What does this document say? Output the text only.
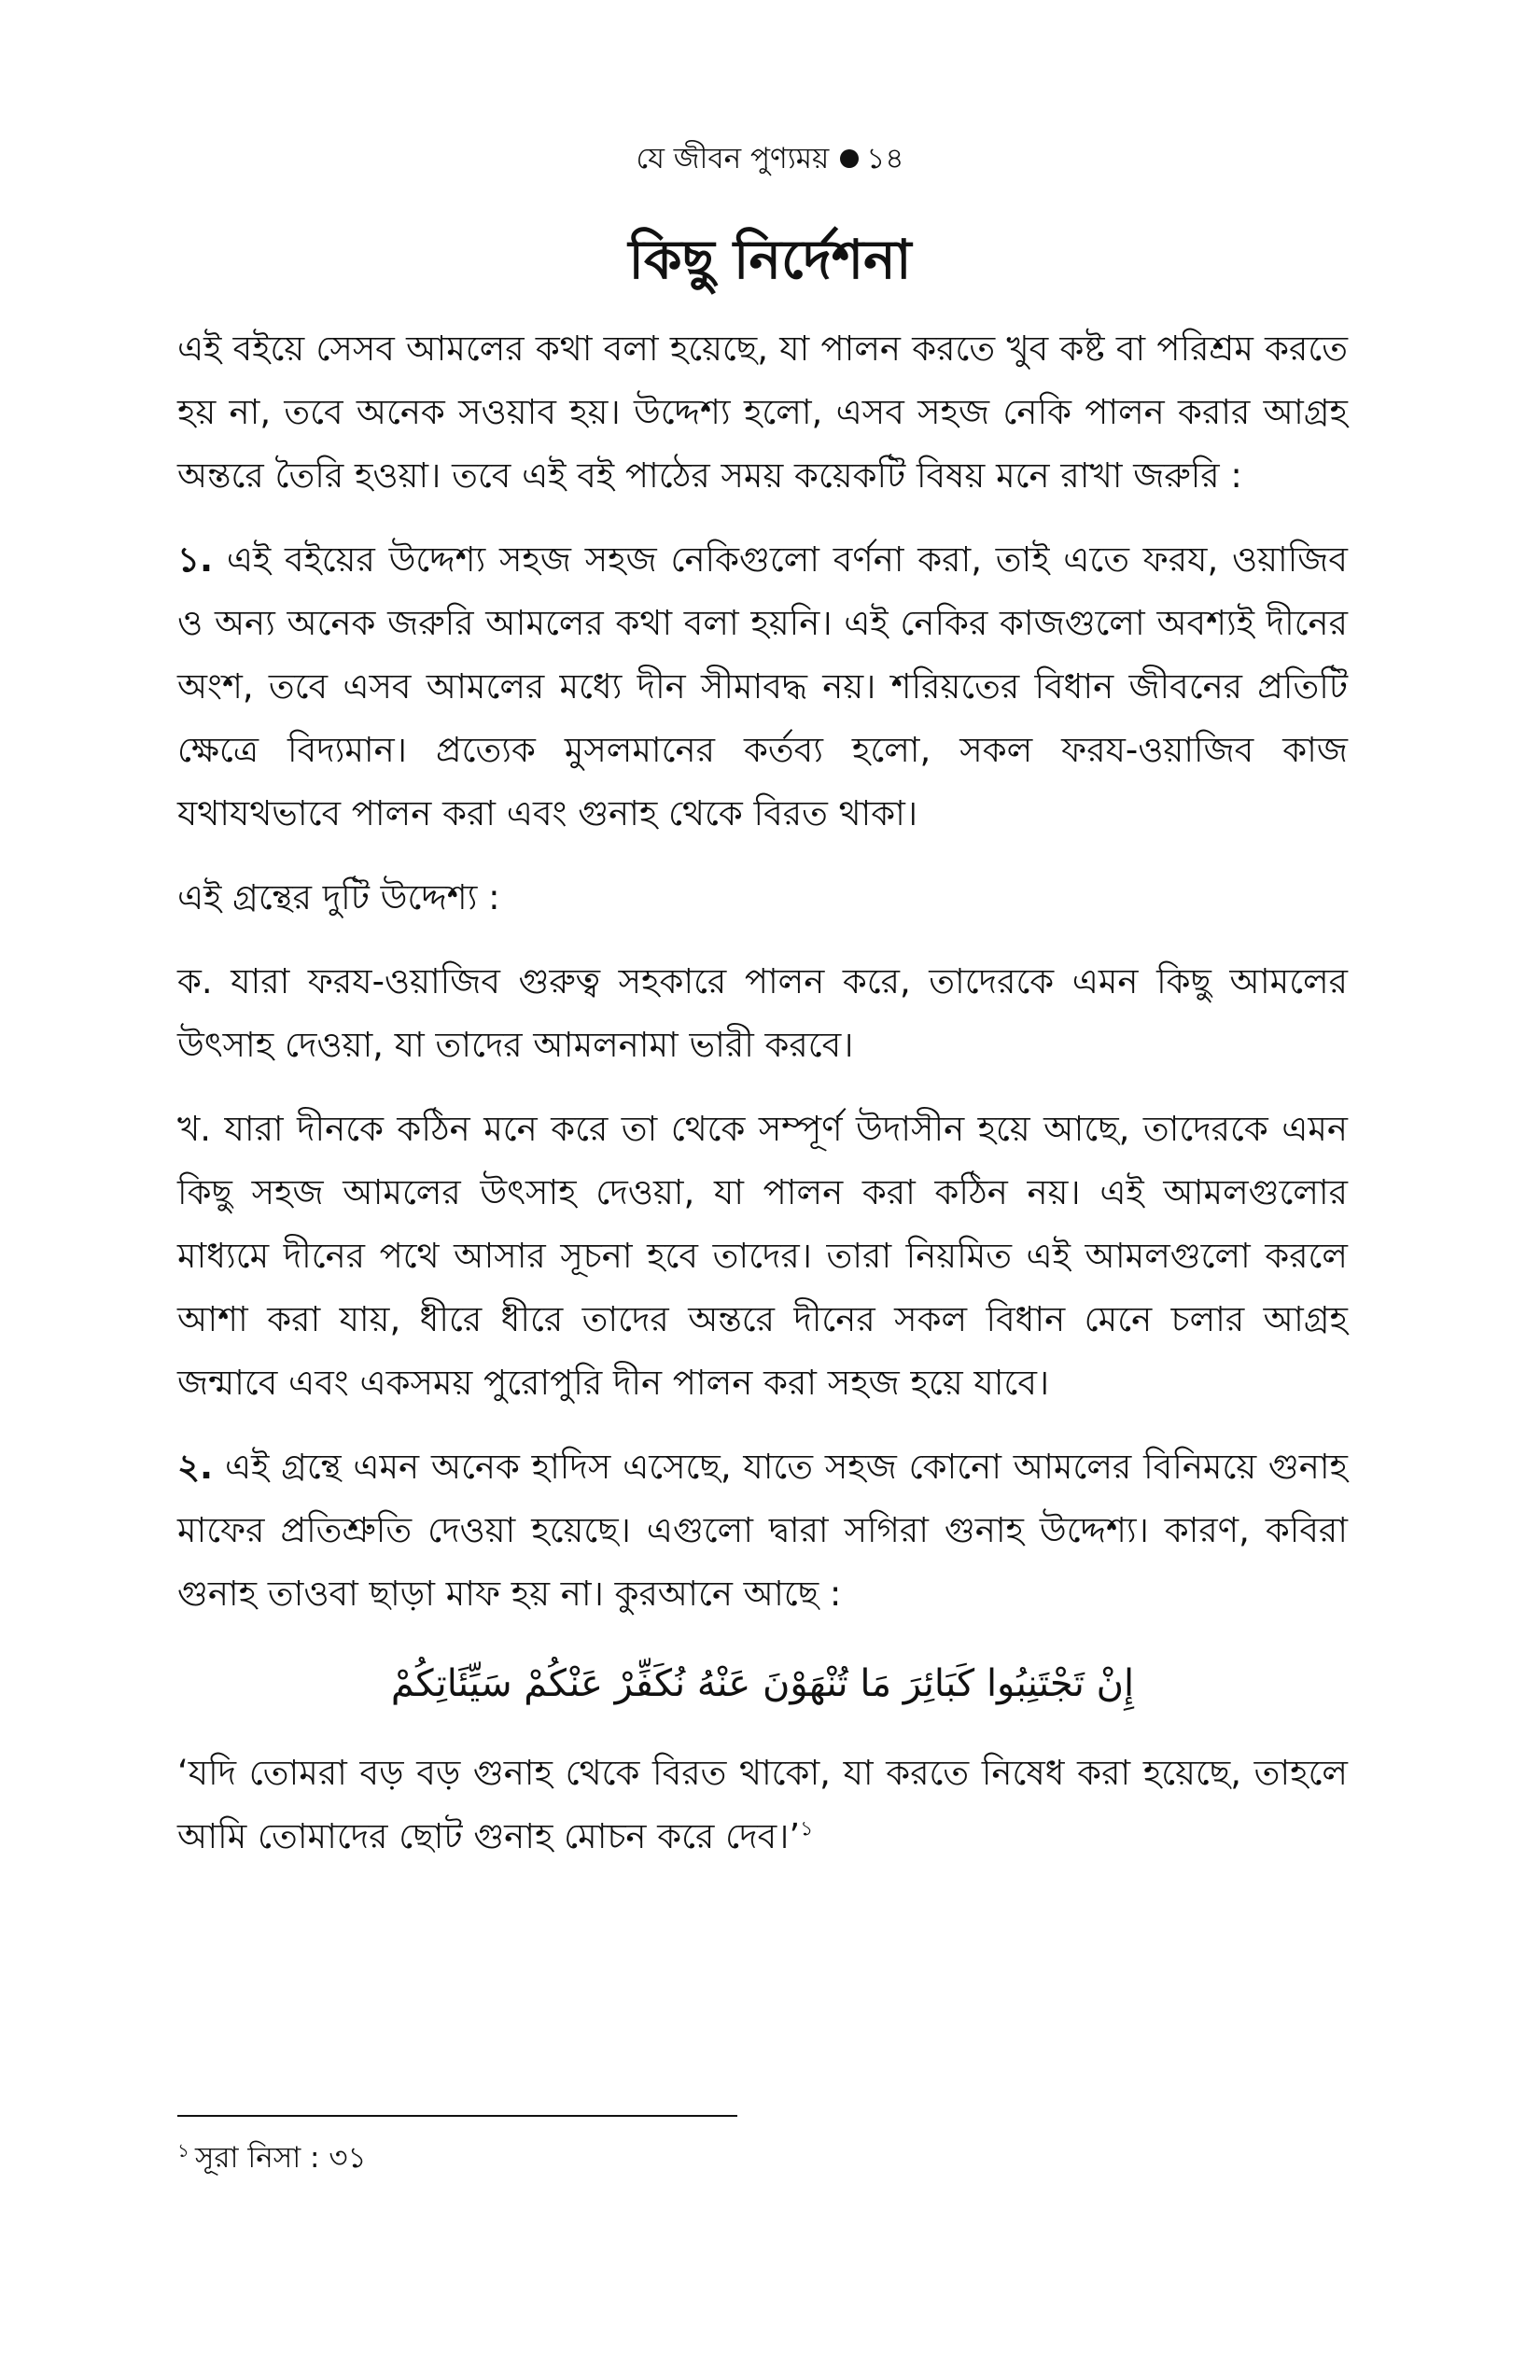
যে জীবন পুণ্যময় ১৪
কিছু নির্দেশনা

এই বইয়ে সেসব আমলের কথা বলা হয়েছে, যা পালন করতে খুব কষ্ট বা পরিশ্রম করতে হয় না, তবে অনেক সওয়াব হয়। উদ্দেশ্য হলো, এসব সহজ নেকি পালন করার আগ্রহ অন্তরে তৈরি হওয়া। তবে এই বই পাঠের সময় কয়েকটি বিষয় মনে রাখা জরুরি :

১. এই বইয়ের উদ্দেশ্য সহজ সহজ নেকিগুলো বর্ণনা করা, তাই এতে ফরয, ওয়াজিব ও অন্য অনেক জরুরি আমলের কথা বলা হয়নি। এই নেকির কাজগুলো অবশ্যই দীনের অংশ, তবে এসব আমলের মধ্যে দীন সীমাবদ্ধ নয়। শরিয়তের বিধান জীবনের প্রতিটি ক্ষেত্রে বিদ্যমান। প্রত্যেক মুসলমানের কর্তব্য হলো, সকল ফরয-ওয়াজিব কাজ যথাযথভাবে পালন করা এবং গুনাহ থেকে বিরত থাকা।

এই গ্রন্থের দুটি উদ্দেশ্য :

ক. যারা ফরয-ওয়াজিব গুরুত্ব সহকারে পালন করে, তাদেরকে এমন কিছু আমলের উৎসাহ দেওয়া, যা তাদের আমলনামা ভারী করবে।

খ. যারা দীনকে কঠিন মনে করে তা থেকে সম্পূর্ণ উদাসীন হয়ে আছে, তাদেরকে এমন কিছু সহজ আমলের উৎসাহ দেওয়া, যা পালন করা কঠিন নয়। এই আমলগুলোর মাধ্যমে দীনের পথে আসার সূচনা হবে তাদের। তারা নিয়মিত এই আমলগুলো করলে আশা করা যায়, ধীরে ধীরে তাদের অন্তরে দীনের সকল বিধান মেনে চলার আগ্রহ জন্মাবে এবং একসময় পুরোপুরি দীন পালন করা সহজ হয়ে যাবে।

২. এই গ্রন্থে এমন অনেক হাদিস এসেছে, যাতে সহজ কোনো আমলের বিনিময়ে গুনাহ মাফের প্রতিশ্রুতি দেওয়া হয়েছে। এগুলো দ্বারা সগিরা গুনাহ উদ্দেশ্য। কারণ, কবিরা গুনাহ তাওবা ছাড়া মাফ হয় না। কুরআনে আছে :

إِنْ تَجْتَنِبُوا كَبَائِرَ مَا تُنْهَوْنَ عَنْهُ نُكَفِّرْ عَنْكُمْ سَيِّئَاتِكُمْ

‘যদি তোমরা বড় বড় গুনাহ থেকে বিরত থাকো, যা করতে নিষেধ করা হয়েছে, তাহলে আমি তোমাদের ছোট গুনাহ মোচন করে দেব।’$^১$

$^১$ সূরা নিসা : ৩১
